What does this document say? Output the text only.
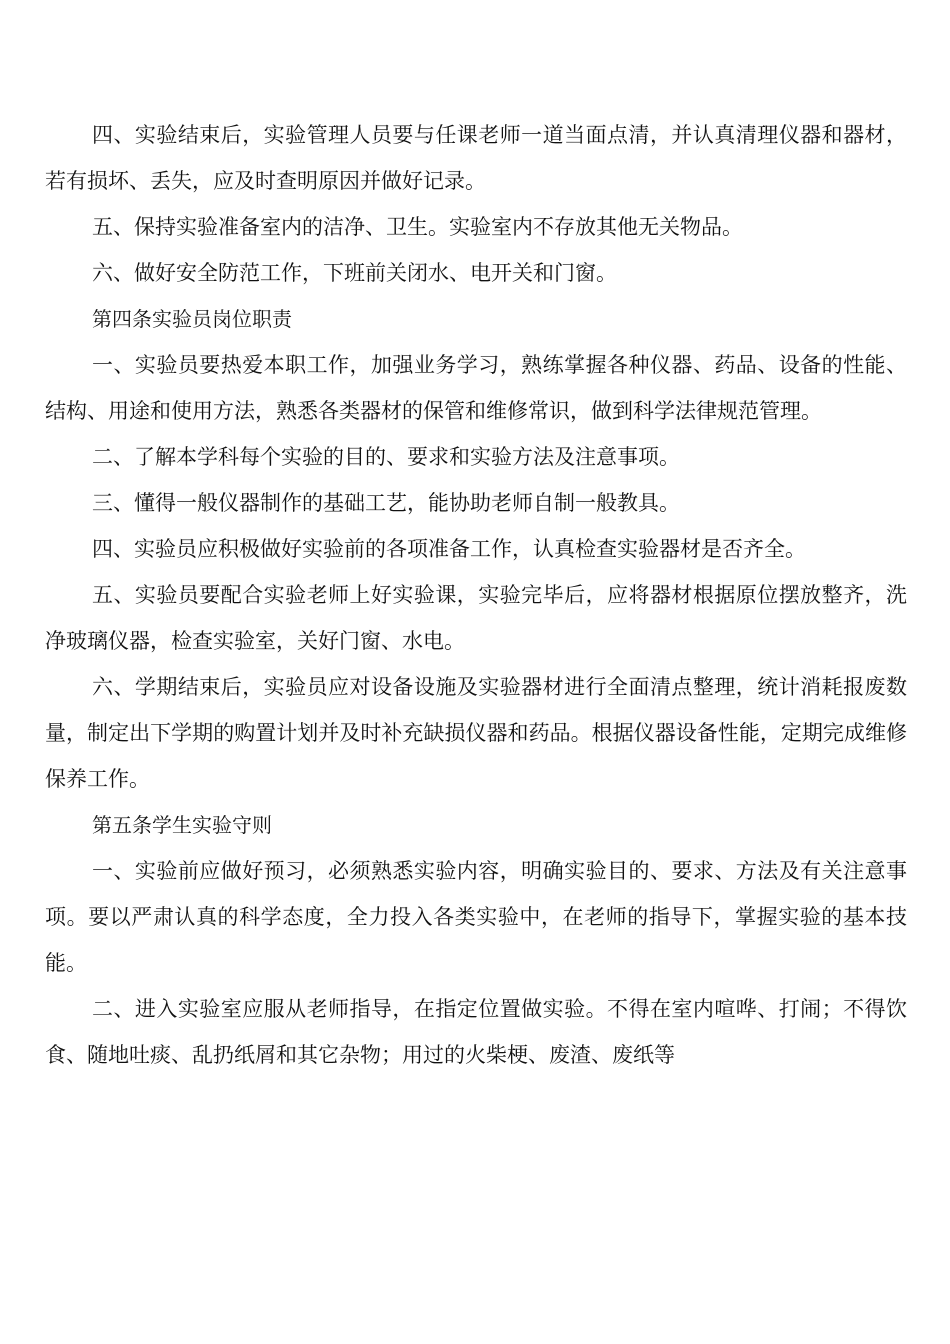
四、实验结束后，实验管理人员要与任课老师一道当面点清，并认真清理仪器和器材，若有损坏、丢失，应及时查明原因并做好记录。

五、保持实验准备室内的洁净、卫生。实验室内不存放其他无关物品。

六、做好安全防范工作，下班前关闭水、电开关和门窗。

第四条实验员岗位职责

一、实验员要热爱本职工作，加强业务学习，熟练掌握各种仪器、药品、设备的性能、结构、用途和使用方法，熟悉各类器材的保管和维修常识，做到科学法律规范管理。

二、了解本学科每个实验的目的、要求和实验方法及注意事项。

三、懂得一般仪器制作的基础工艺，能协助老师自制一般教具。

四、实验员应积极做好实验前的各项准备工作，认真检查实验器材是否齐全。

五、实验员要配合实验老师上好实验课，实验完毕后，应将器材根据原位摆放整齐，洗净玻璃仪器，检查实验室，关好门窗、水电。

六、学期结束后，实验员应对设备设施及实验器材进行全面清点整理，统计消耗报废数量，制定出下学期的购置计划并及时补充缺损仪器和药品。根据仪器设备性能，定期完成维修保养工作。

第五条学生实验守则

一、实验前应做好预习，必须熟悉实验内容，明确实验目的、要求、方法及有关注意事项。要以严肃认真的科学态度，全力投入各类实验中，在老师的指导下，掌握实验的基本技能。

二、进入实验室应服从老师指导，在指定位置做实验。不得在室内喧哗、打闹；不得饮食、随地吐痰、乱扔纸屑和其它杂物；用过的火柴梗、废渣、废纸等
